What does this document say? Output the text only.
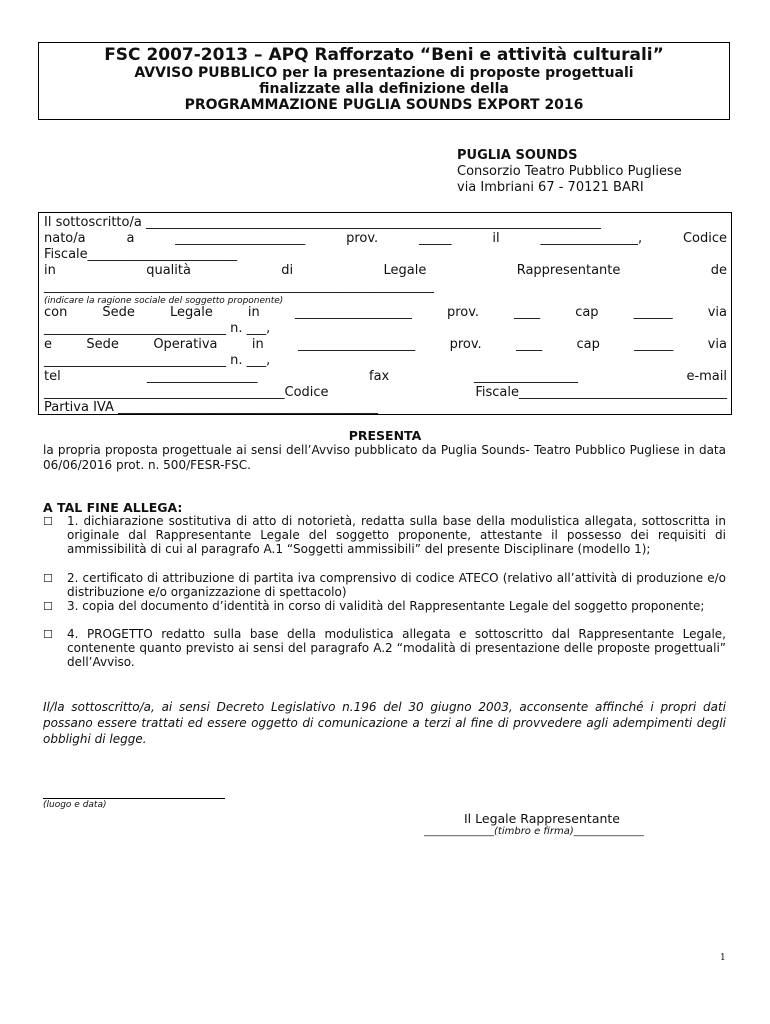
FSC 2007-2013 – APQ Rafforzato “Beni e attività culturali”
AVVISO PUBBLICO per la presentazione di proposte progettuali
finalizzate alla definizione della
PROGRAMMAZIONE PUGLIA SOUNDS EXPORT 2016
PUGLIA SOUNDS
Consorzio Teatro Pubblico Pugliese
via Imbriani 67 - 70121 BARI
Il sottoscritto/a ______________________________________________________________________
nato/a	a	____________________	prov.	_____	il	_______________,	Codice
Fiscale_______________________
in	qualità	di	Legale	Rappresentante	de
____________________________________________________________
(indicare la ragione sociale del soggetto proponente)
con	Sede	Legale	in	__________________	prov.	____	cap	______	via
____________________________ n. ___,
e	Sede	Operativa	in	__________________	prov.	____	cap	______	via
____________________________ n. ___,
tel	_________________	fax	________________	e-mail
_____________________________________Codice	Fiscale________________________________
Partiva IVA ________________________________________
PRESENTA
la propria proposta progettuale ai sensi dell’Avviso pubblicato da Puglia Sounds- Teatro Pubblico Pugliese in data 06/06/2016 prot. n. 500/FESR-FSC.
A TAL FINE ALLEGA:
☐ 1. dichiarazione sostitutiva di atto di notorietà, redatta sulla base della modulistica allegata, sottoscritta in originale dal Rappresentante Legale del soggetto proponente, attestante il possesso dei requisiti di ammissibilità di cui al paragrafo A.1 “Soggetti ammissibili” del presente Disciplinare (modello 1);
☐ 2. certificato di attribuzione di partita iva comprensivo di codice ATECO (relativo all’attività di produzione e/o distribuzione e/o organizzazione di spettacolo)
☐ 3. copia del documento d’identità in corso di validità del Rappresentante Legale del soggetto proponente;
☐ 4. PROGETTO redatto sulla base della modulistica allegata e sottoscritto dal Rappresentante Legale, contenente quanto previsto ai sensi del paragrafo A.2 “modalità di presentazione delle proposte progettuali” dell’Avviso.
Il/la sottoscritto/a, ai sensi Decreto Legislativo n.196 del 30 giugno 2003, acconsente affinché i propri dati possano essere trattati ed essere oggetto di comunicazione a terzi al fine di provvedere agli adempimenti degli obblighi di legge.
(luogo e data)
Il Legale Rappresentante
______________(timbro e firma)______________
1
